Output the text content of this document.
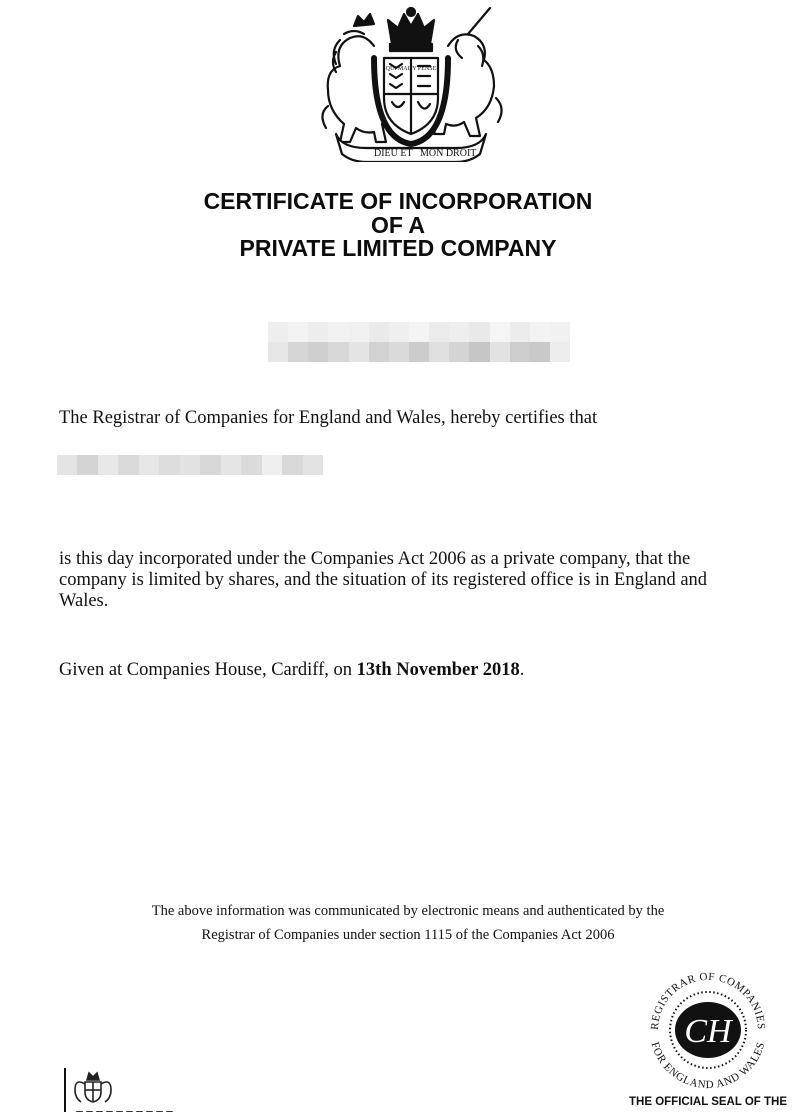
DIEU ET MON DROIT
QUI MAL Y PENSE
CERTIFICATE OF INCORPORATION
OF A
PRIVATE LIMITED COMPANY

The Registrar of Companies for England and Wales, hereby certifies that

is this day incorporated under the Companies Act 2006 as a private company, that the company is limited by shares, and the situation of its registered office is in England and Wales.

Given at Companies House, Cardiff, on 13th November 2018.

The above information was communicated by electronic means and authenticated by the
Registrar of Companies under section 1115 of the Companies Act 2006

REGISTRAR OF COMPANIES
FOR ENGLAND AND WALES
CH

THE OFFICIAL SEAL OF THE
